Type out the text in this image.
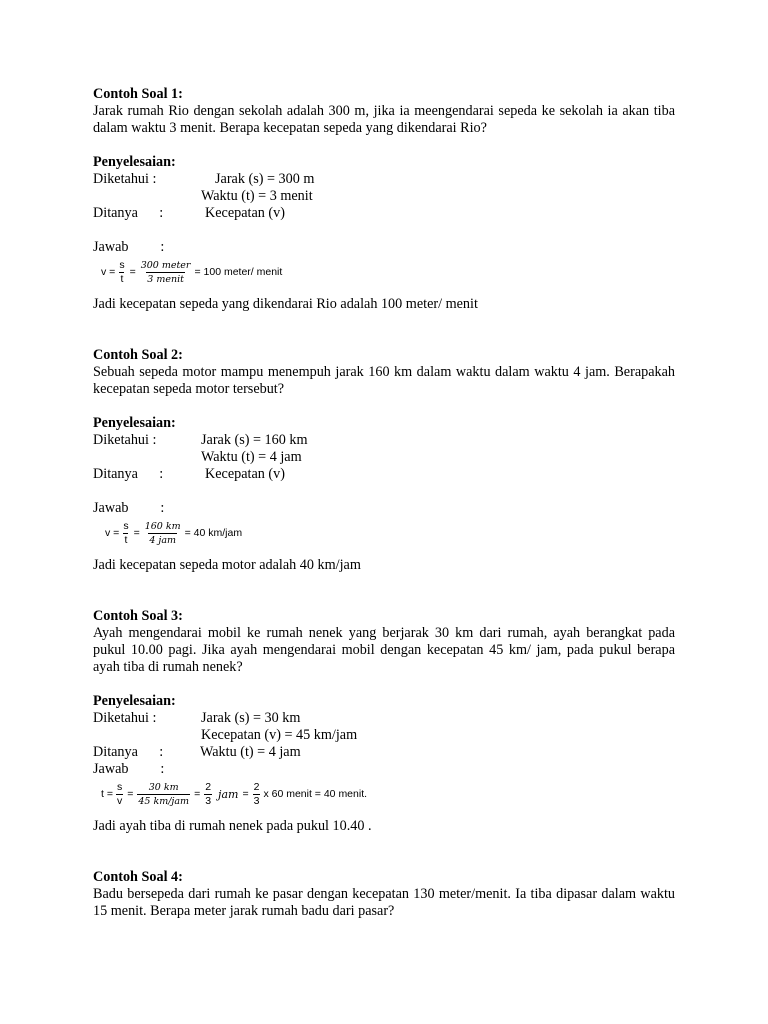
Contoh Soal 1:

Jarak rumah Rio dengan sekolah adalah 300 m, jika ia meengendarai sepeda ke sekolah ia akan tiba dalam waktu 3 menit. Berapa kecepatan sepeda yang dikendarai Rio?

Penyelesaian:

Diketahui :	Jarak (s) = 300 m
Waktu (t) = 3 menit
Ditanya      :	Kecepatan (v)

Jawab         :

$v = \frac{s}{t} = \frac{\text{300 meter}}{\text{3 menit}} = 100$ meter/ menit

Jadi kecepatan sepeda yang dikendarai Rio adalah 100 meter/ menit

Contoh Soal 2:

Sebuah sepeda motor mampu menempuh jarak 160 km dalam waktu dalam waktu 4 jam. Berapakah kecepatan sepeda motor tersebut?

Penyelesaian:

Diketahui :	Jarak (s) = 160 km
Waktu (t) = 4 jam
Ditanya      :	Kecepatan (v)

Jawab         :

$v = \frac{s}{t} = \frac{160 km}{\text{4 jam}} = 40$ km/jam

Jadi kecepatan sepeda motor adalah 40 km/jam

Contoh Soal 3:

Ayah mengendarai mobil ke rumah nenek yang berjarak 30 km dari rumah, ayah berangkat pada pukul 10.00 pagi. Jika ayah mengendarai mobil dengan kecepatan 45 km/ jam, pada pukul berapa ayah tiba di rumah nenek?

Penyelesaian:

Diketahui :	Jarak (s) = 30 km
Kecepatan (v) = 45 km/jam
Ditanya      :	Waktu (t) = 4 jam

Jawab         :

$t = \frac{s}{v} = \frac{30 km}{\text{45 km/jam}} = \frac{2}{3}$ jam = $\frac{2}{3}$ x 60 menit = 40 menit.

Jadi ayah tiba di rumah nenek pada pukul 10.40 .

Contoh Soal 4:

Badu bersepeda dari rumah ke pasar dengan kecepatan 130 meter/menit. Ia tiba dipasar dalam waktu 15 menit. Berapa meter jarak rumah badu dari pasar?
